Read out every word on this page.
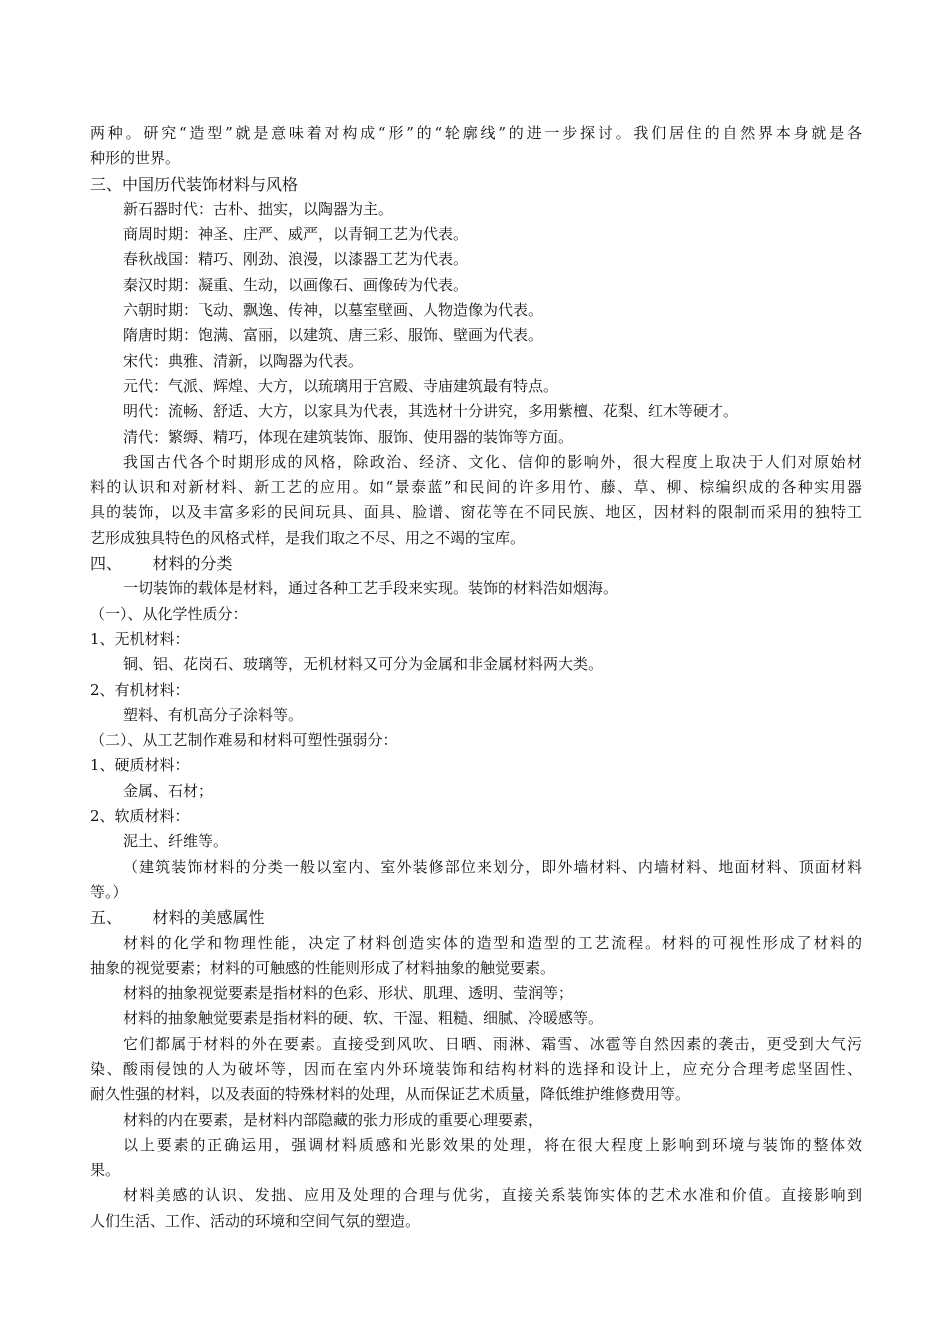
两种。研究“造型”就是意味着对构成“形”的“轮廓线”的进一步探讨。我们居住的自然界本身就是各
种形的世界。
三、中国历代装饰材料与风格
新石器时代：古朴、拙实，以陶器为主。
商周时期：神圣、庄严、威严，以青铜工艺为代表。
春秋战国：精巧、刚劲、浪漫，以漆器工艺为代表。
秦汉时期：凝重、生动，以画像石、画像砖为代表。
六朝时期：飞动、飘逸、传神，以墓室壁画、人物造像为代表。
隋唐时期：饱满、富丽，以建筑、唐三彩、服饰、壁画为代表。
宋代：典雅、清新，以陶器为代表。
元代：气派、辉煌、大方，以琉璃用于宫殿、寺庙建筑最有特点。
明代：流畅、舒适、大方，以家具为代表，其选材十分讲究，多用紫檀、花梨、红木等硬才。
清代：繁缛、精巧，体现在建筑装饰、服饰、使用器的装饰等方面。
我国古代各个时期形成的风格，除政治、经济、文化、信仰的影响外，很大程度上取决于人们对原始材
料的认识和对新材料、新工艺的应用。如“景泰蓝”和民间的许多用竹、藤、草、柳、棕编织成的各种实用器
具的装饰，以及丰富多彩的民间玩具、面具、脸谱、窗花等在不同民族、地区，因材料的限制而采用的独特工
艺形成独具特色的风格式样，是我们取之不尽、用之不竭的宝库。
四、      材料的分类
一切装饰的载体是材料，通过各种工艺手段来实现。装饰的材料浩如烟海。
（一）、从化学性质分：
1、无机材料：
铜、铝、花岗石、玻璃等，无机材料又可分为金属和非金属材料两大类。
2、有机材料：
塑料、有机高分子涂料等。
（二）、从工艺制作难易和材料可塑性强弱分：
1、硬质材料：
金属、石材；
2、软质材料：
泥土、纤维等。
（建筑装饰材料的分类一般以室内、室外装修部位来划分，即外墙材料、内墙材料、地面材料、顶面材料
等。）
五、      材料的美感属性
材料的化学和物理性能，决定了材料创造实体的造型和造型的工艺流程。材料的可视性形成了材料的
抽象的视觉要素；材料的可触感的性能则形成了材料抽象的触觉要素。
材料的抽象视觉要素是指材料的色彩、形状、肌理、透明、莹润等；
材料的抽象触觉要素是指材料的硬、软、干湿、粗糙、细腻、冷暖感等。
它们都属于材料的外在要素。直接受到风吹、日晒、雨淋、霜雪、冰雹等自然因素的袭击，更受到大气污
染、酸雨侵蚀的人为破坏等，因而在室内外环境装饰和结构材料的选择和设计上，应充分合理考虑坚固性、
耐久性强的材料，以及表面的特殊材料的处理，从而保证艺术质量，降低维护维修费用等。
材料的内在要素，是材料内部隐藏的张力形成的重要心理要素，
以上要素的正确运用，强调材料质感和光影效果的处理，将在很大程度上影响到环境与装饰的整体效
果。
材料美感的认识、发拙、应用及处理的合理与优劣，直接关系装饰实体的艺术水准和价值。直接影响到
人们生活、工作、活动的环境和空间气氛的塑造。
